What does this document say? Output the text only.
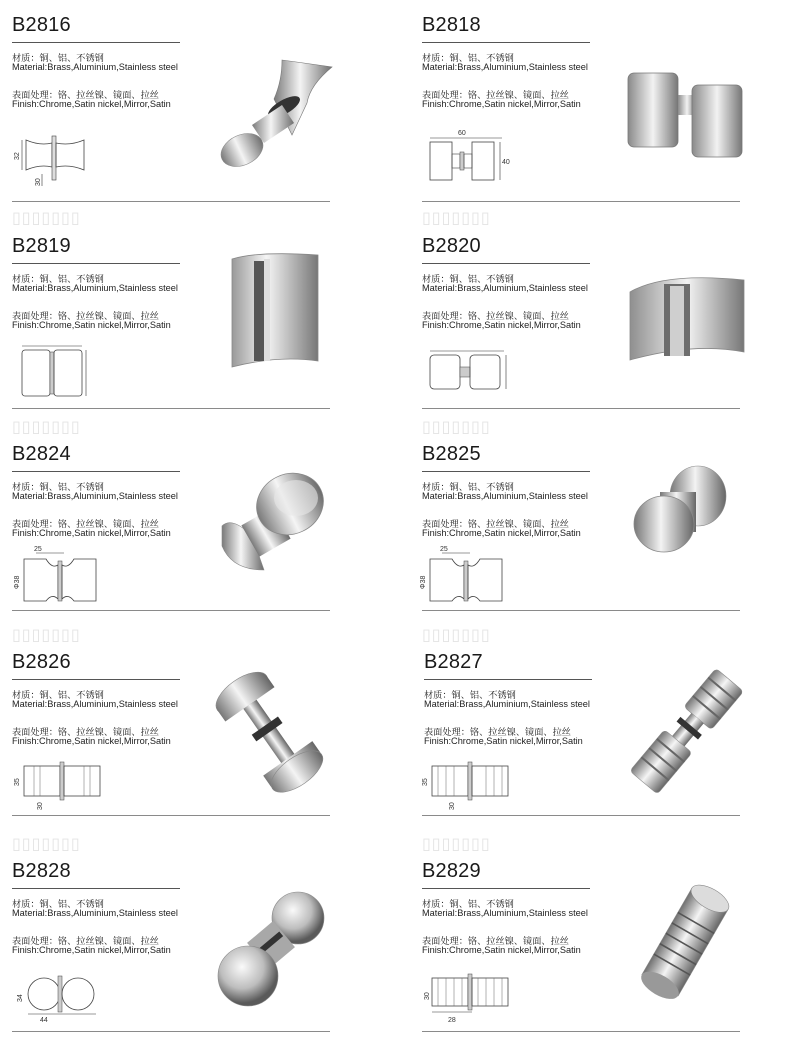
▯▯▯▯▯▯▯	▯▯▯▯▯▯▯
▯▯▯▯▯▯▯	▯▯▯▯▯▯▯
▯▯▯▯▯▯▯	▯▯▯▯▯▯▯
▯▯▯▯▯▯▯	▯▯▯▯▯▯▯
B2816
材质：铜、铝、不锈钢
Material:Brass,Aluminium,Stainless steel
表面处理：铬、拉丝镍、镜面、拉丝
Finish:Chrome,Satin nickel,Mirror,Satin
32
30
B2818
材质：铜、铝、不锈钢
Material:Brass,Aluminium,Stainless steel
表面处理：铬、拉丝镍、镜面、拉丝
Finish:Chrome,Satin nickel,Mirror,Satin
60
40
B2819
材质：铜、铝、不锈钢
Material:Brass,Aluminium,Stainless steel
表面处理：铬、拉丝镍、镜面、拉丝
Finish:Chrome,Satin nickel,Mirror,Satin
B2820
材质：铜、铝、不锈钢
Material:Brass,Aluminium,Stainless steel
表面处理：铬、拉丝镍、镜面、拉丝
Finish:Chrome,Satin nickel,Mirror,Satin
B2824
材质：铜、铝、不锈钢
Material:Brass,Aluminium,Stainless steel
表面处理：铬、拉丝镍、镜面、拉丝
Finish:Chrome,Satin nickel,Mirror,Satin
25
Φ38
B2825
材质：铜、铝、不锈钢
Material:Brass,Aluminium,Stainless steel
表面处理：铬、拉丝镍、镜面、拉丝
Finish:Chrome,Satin nickel,Mirror,Satin
25
Φ38
B2826
材质：铜、铝、不锈钢
Material:Brass,Aluminium,Stainless steel
表面处理：铬、拉丝镍、镜面、拉丝
Finish:Chrome,Satin nickel,Mirror,Satin
35
30
B2827
材质：铜、铝、不锈钢
Material:Brass,Aluminium,Stainless steel
表面处理：铬、拉丝镍、镜面、拉丝
Finish:Chrome,Satin nickel,Mirror,Satin
35
30
B2828
材质：铜、铝、不锈钢
Material:Brass,Aluminium,Stainless steel
表面处理：铬、拉丝镍、镜面、拉丝
Finish:Chrome,Satin nickel,Mirror,Satin
44
34
B2829
材质：铜、铝、不锈钢
Material:Brass,Aluminium,Stainless steel
表面处理：铬、拉丝镍、镜面、拉丝
Finish:Chrome,Satin nickel,Mirror,Satin
28
30
